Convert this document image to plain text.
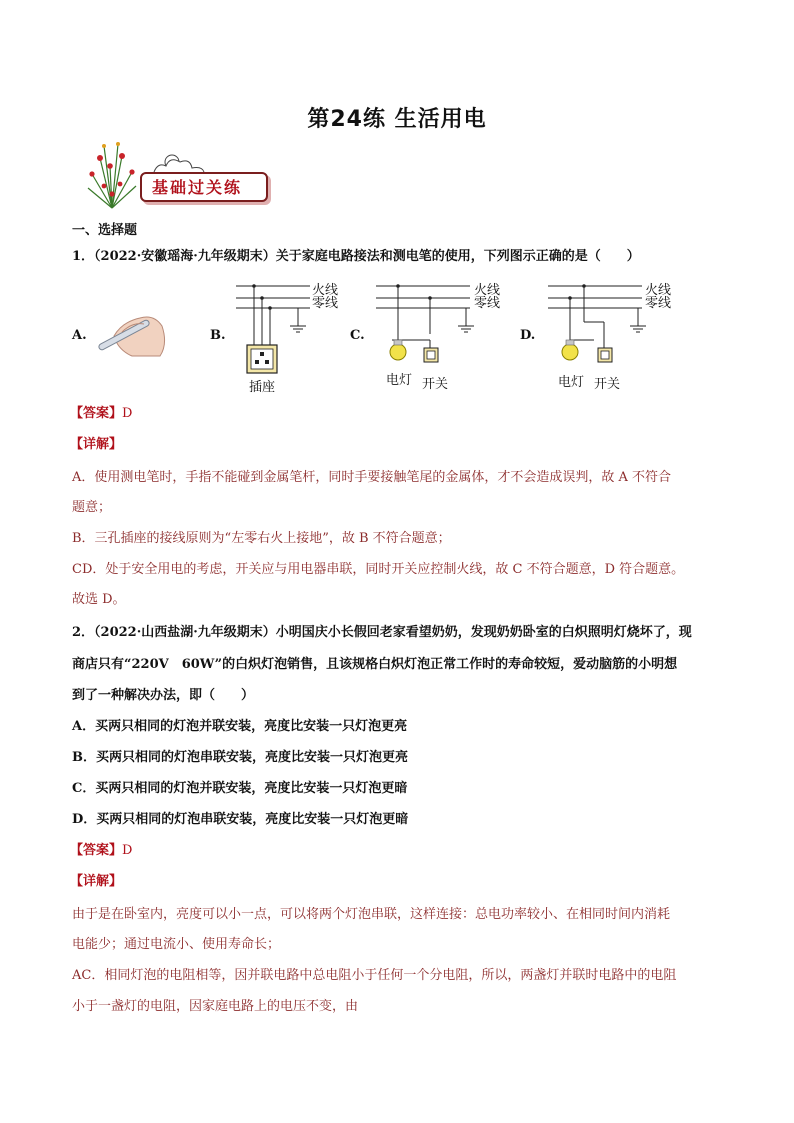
第24练 生活用电
基础过关练
一、选择题
1．（2022·安徽瑶海·九年级期末）关于家庭电路接法和测电笔的使用，下列图示正确的是（　　）
A.	B.
火线
零线
插座
C.
火线
零线
电灯 开关
D.
火线
零线
电灯 开关
【答案】D
【详解】
A．使用测电笔时，手指不能碰到金属笔杆，同时手要接触笔尾的金属体，才不会造成误判，故 A 不符合
题意；
B．三孔插座的接线原则为“左零右火上接地”，故 B 不符合题意；
CD．处于安全用电的考虑，开关应与用电器串联，同时开关应控制火线，故 C 不符合题意，D 符合题意。
故选 D。
2．（2022·山西盐湖·九年级期末）小明国庆小长假回老家看望奶奶，发现奶奶卧室的白炽照明灯烧坏了，现
商店只有“220V　60W”的白炽灯泡销售，且该规格白炽灯泡正常工作时的寿命较短，爱动脑筋的小明想
到了一种解决办法，即（　　）
A．买两只相同的灯泡并联安装，亮度比安装一只灯泡更亮
B．买两只相同的灯泡串联安装，亮度比安装一只灯泡更亮
C．买两只相同的灯泡并联安装，亮度比安装一只灯泡更暗
D．买两只相同的灯泡串联安装，亮度比安装一只灯泡更暗
【答案】D
【详解】
由于是在卧室内，亮度可以小一点，可以将两个灯泡串联，这样连接：总电功率较小、在相同时间内消耗
电能少；通过电流小、使用寿命长；
AC．相同灯泡的电阻相等，因并联电路中总电阻小于任何一个分电阻，所以，两盏灯并联时电路中的电阻
小于一盏灯的电阻，因家庭电路上的电压不变，由
